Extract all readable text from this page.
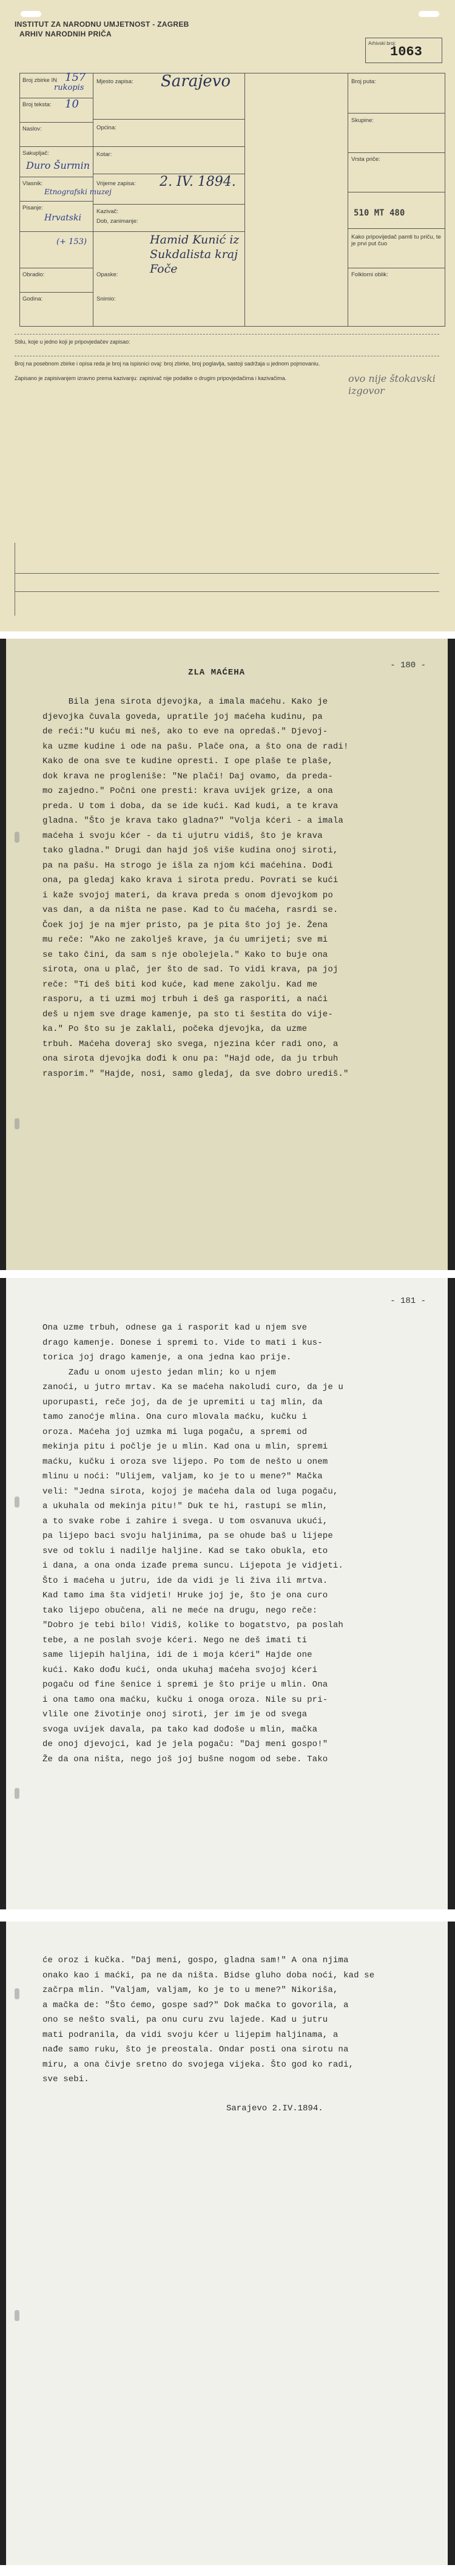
INSTITUT ZA NARODNU UMJETNOST - ZAGREB
ARHIV NARODNIH PRIČA
Arhivski broj:
1063
Broj zbirke IN 157
rukopis
Broj teksta: 10
Naslov:
Sakupljač:
Duro Šurmin
Vlasnik:
Etnografski muzej
Pisanje:
Hrvatski
(+ 153)
Obradio:
Godina:
Mjesto zapisa: Sarajevo
Općina:
Kotar:
Vrijeme zapisa: 2. IV. 1894.
Kazivač:
Dob, zanimanje:
Hamid Kunić iz Sukdalista kraj Foče
Broj puta:
Skupine:
Vrsta priče:
510 MT 480
Kako pripovijedač pamti tu priču, te je prvi put čuo
Folklorni oblik:
Opaske:
Snimio:
Stilu, koje u jedno koji je pripovjedačev zapisao:
Broj na posebnom zbirke i opisa reda je broj na ispisnici ovaj: broj zbirke, broj poglavlja, sastoji sadržaja u jednom pojmovaniu.
Zapisano je zapisivanjem izravno prema kazivanju: zapisivač nije podatke o drugim pripovjedačima i kazivačima.	ovo nije štokavski izgovor
- 180 -
ZLA MAĆEHA
Bila jena sirota djevojka, a imala maćehu. Kako je
djevojka čuvala goveda, upratile joj maćeha kudinu, pa
de reći:"U kuću mi neš, ako to eve na opredaš." Djevoj-
ka uzme kudine i ode na pašu. Plače ona, a što ona de radi!
Kako de ona sve te kudine opresti. I ope plaše te plaše,
dok krava ne progleniše: "Ne plači! Daj ovamo, da preda-
mo zajedno." Počni one presti: krava uvijek grize, a ona
preda. U tom i doba, da se ide kući. Kad kudi, a te krava
gladna. "Što je krava tako gladna?" "Volja kćeri - a imala
maćeha i svoju kćer - da ti ujutru vidiš, što je krava
tako gladna." Drugi dan hajd još više kudina onoj siroti,
pa na pašu. Ha strogo je išla za njom kći maćehina. Dođi
ona, pa gledaj kako krava i sirota predu. Povrati se kući
i kaže svojoj materi, da krava preda s onom djevojkom po
vas dan, a da ništa ne pase. Kad to ču maćeha, rasrdi se.
Čoek joj je na mjer pristo, pa je pita što joj je. Žena
mu reče: "Ako ne zakolješ krave, ja ću umrijeti; sve mi
se tako čini, da sam s nje obolejela." Kako to buje ona
sirota, ona u plač, jer što de sad. To vidi krava, pa joj
reče: "Ti deš biti kod kuće, kad mene zakolju. Kad me
rasporu, a ti uzmi moj trbuh i deš ga rasporiti, a naći
deš u njem sve drage kamenje, pa sto ti šestita do vije-
ka." Po što su je zaklali, počeka djevojka, da uzme
trbuh. Maćeha doveraj sko svega, njezina kćer radi ono, a
ona sirota djevojka dođi k onu pa: "Hajd ode, da ju trbuh
rasporim." "Hajde, nosi, samo gledaj, da sve dobro urediš."
- 181 -
Ona uzme trbuh, odnese ga i rasporit kad u njem sve
drago kamenje. Donese i spremi to. Vide to mati i kus-
torica joj drago kamenje, a ona jedna kao prije.
Zađu u onom ujesto jedan mlin; ko u njem
zanoći, u jutro mrtav. Ka se maćeha nakoludi curo, da je u
uporupasti, reče joj, da de je upremiti u taj mlin, da
tamo zanoćje mlina. Ona curo mlovala maćku, kučku i
oroza. Maćeha joj uzmka mi luga pogaču, a spremi od
mekinja pitu i počlje je u mlin. Kad ona u mlin, spremi
maćku, kučku i oroza sve lijepo. Po tom de nešto u onem
mlinu u noći: "Ulijem, valjam, ko je to u mene?" Mačka
veli: "Jedna sirota, kojoj je maćeha dala od luga pogaču,
a ukuhala od mekinja pitu!" Duk te hi, rastupi se mlin,
a to svake robe i zahire i svega. U tom osvanuva ukući,
pa lijepo baci svoju haljinima, pa se ohude baš u lijepe
sve od toklu i nadilje haljine. Kad se tako obukla, eto
i dana, a ona onda izađe prema suncu. Lijepota je vidjeti.
Što i maćeha u jutru, ide da vidi je li živa ili mrtva.
Kad tamo ima šta vidjeti! Hruke joj je, što je ona curo
tako lijepo obučena, ali ne meće na drugu, nego reče:
"Dobro je tebi bilo! Vidiš, kolike to bogatstvo, pa poslah
tebe, a ne poslah svoje kćeri. Nego ne deš imati ti
same lijepih haljina, idi de i moja kćeri" Hajde one
kući. Kako dođu kući, onda ukuhaj maćeha svojoj kćeri
pogaču od fine šenice i spremi je što prije u mlin. Ona
i ona tamo ona maćku, kučku i onoga oroza. Nile su pri-
vlile one životinje onoj siroti, jer im je od svega
svoga uvijek davala, pa tako kad dođoše u mlin, mačka
de onoj djevojci, kad je jela pogaču: "Daj meni gospo!"
Že da ona ništa, nego još joj bušne nogom od sebe. Tako
će oroz i kučka. "Daj meni, gospo, gladna sam!" A ona njima
onako kao i maćki, pa ne da ništa. Bidse gluho doba noći, kad se
začrpa mlin. "Valjam, valjam, ko je to u mene?" Nikoriša,
a mačka de: "Što ćemo, gospe sad?" Dok mačka to govorila, a
ono se nešto svali, pa onu curu zvu lajede. Kad u jutru
mati podranila, da vidi svoju kćer u lijepim haljinama, a
nađe samo ruku, što je preostala. Ondar posti ona sirotu na
miru, a ona čivje sretno do svojega vijeka. Što god ko radi,
sve sebi.
Sarajevo 2.IV.1894.
